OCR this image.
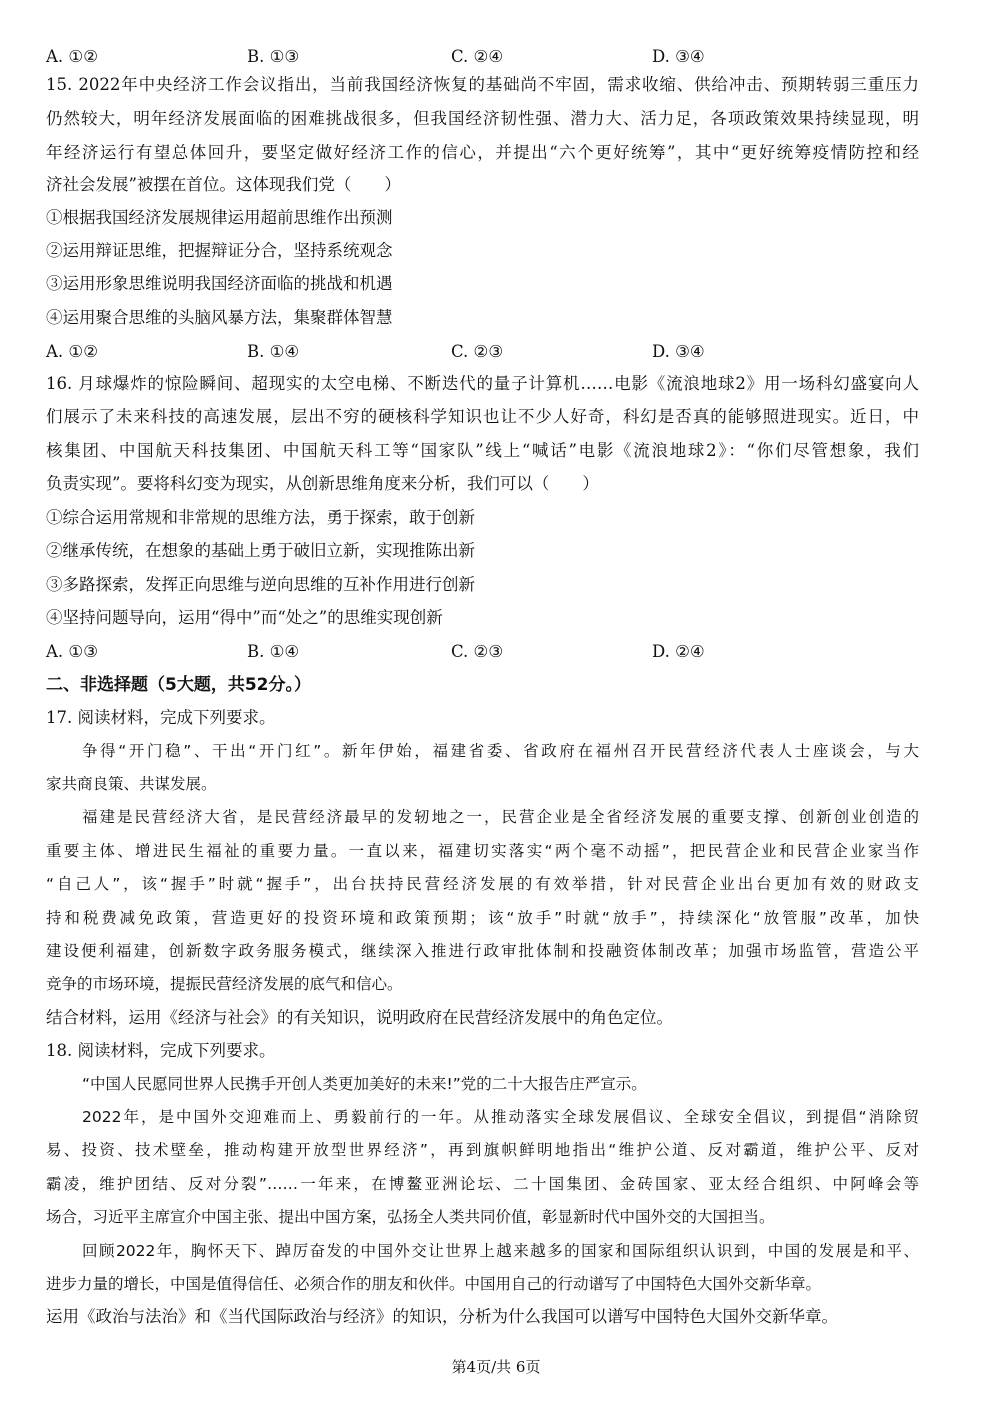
A. ①②	B. ①③	C. ②④	D. ③④
15. 2022年中央经济工作会议指出，当前我国经济恢复的基础尚不牢固，需求收缩、供给冲击、预期转弱三重压力
仍然较大，明年经济发展面临的困难挑战很多，但我国经济韧性强、潜力大、活力足，各项政策效果持续显现，明
年经济运行有望总体回升，要坚定做好经济工作的信心，并提出“六个更好统筹”，其中“更好统筹疫情防控和经
济社会发展”被摆在首位。这体现我们党（　　）
①根据我国经济发展规律运用超前思维作出预测
②运用辩证思维，把握辩证分合，坚持系统观念
③运用形象思维说明我国经济面临的挑战和机遇
④运用聚合思维的头脑风暴方法，集聚群体智慧
A. ①②	B. ①④	C. ②③	D. ③④
16. 月球爆炸的惊险瞬间、超现实的太空电梯、不断迭代的量子计算机……电影《流浪地球2》用一场科幻盛宴向人
们展示了未来科技的高速发展，层出不穷的硬核科学知识也让不少人好奇，科幻是否真的能够照进现实。近日，中
核集团、中国航天科技集团、中国航天科工等“国家队”线上“喊话”电影《流浪地球2》：“你们尽管想象，我们
负责实现”。要将科幻变为现实，从创新思维角度来分析，我们可以（　　）
①综合运用常规和非常规的思维方法，勇于探索，敢于创新
②继承传统，在想象的基础上勇于破旧立新，实现推陈出新
③多路探索，发挥正向思维与逆向思维的互补作用进行创新
④坚持问题导向，运用“得中”而“处之”的思维实现创新
A. ①③	B. ①④	C. ②③	D. ②④
二、非选择题（5大题，共52分。）
17. 阅读材料，完成下列要求。
争得“开门稳”、干出“开门红”。新年伊始，福建省委、省政府在福州召开民营经济代表人士座谈会，与大
家共商良策、共谋发展。
福建是民营经济大省，是民营经济最早的发轫地之一，民营企业是全省经济发展的重要支撑、创新创业创造的
重要主体、增进民生福祉的重要力量。一直以来，福建切实落实“两个毫不动摇”，把民营企业和民营企业家当作
“自己人”，该“握手”时就“握手”，出台扶持民营经济发展的有效举措，针对民营企业出台更加有效的财政支
持和税费减免政策，营造更好的投资环境和政策预期；该“放手”时就“放手”，持续深化“放管服”改革，加快
建设便利福建，创新数字政务服务模式，继续深入推进行政审批体制和投融资体制改革；加强市场监管，营造公平
竞争的市场环境，提振民营经济发展的底气和信心。
结合材料，运用《经济与社会》的有关知识，说明政府在民营经济发展中的角色定位。
18. 阅读材料，完成下列要求。
“中国人民愿同世界人民携手开创人类更加美好的未来!”党的二十大报告庄严宣示。
2022年，是中国外交迎难而上、勇毅前行的一年。从推动落实全球发展倡议、全球安全倡议，到提倡“消除贸
易、投资、技术壁垒，推动构建开放型世界经济”，再到旗帜鲜明地指出“维护公道、反对霸道，维护公平、反对
霸凌，维护团结、反对分裂”……一年来，在博鳌亚洲论坛、二十国集团、金砖国家、亚太经合组织、中阿峰会等
场合，习近平主席宣介中国主张、提出中国方案，弘扬全人类共同价值，彰显新时代中国外交的大国担当。
回顾2022年，胸怀天下、踔厉奋发的中国外交让世界上越来越多的国家和国际组织认识到，中国的发展是和平、
进步力量的增长，中国是值得信任、必须合作的朋友和伙伴。中国用自己的行动谱写了中国特色大国外交新华章。
运用《政治与法治》和《当代国际政治与经济》的知识，分析为什么我国可以谱写中国特色大国外交新华章。
第4页/共 6页
